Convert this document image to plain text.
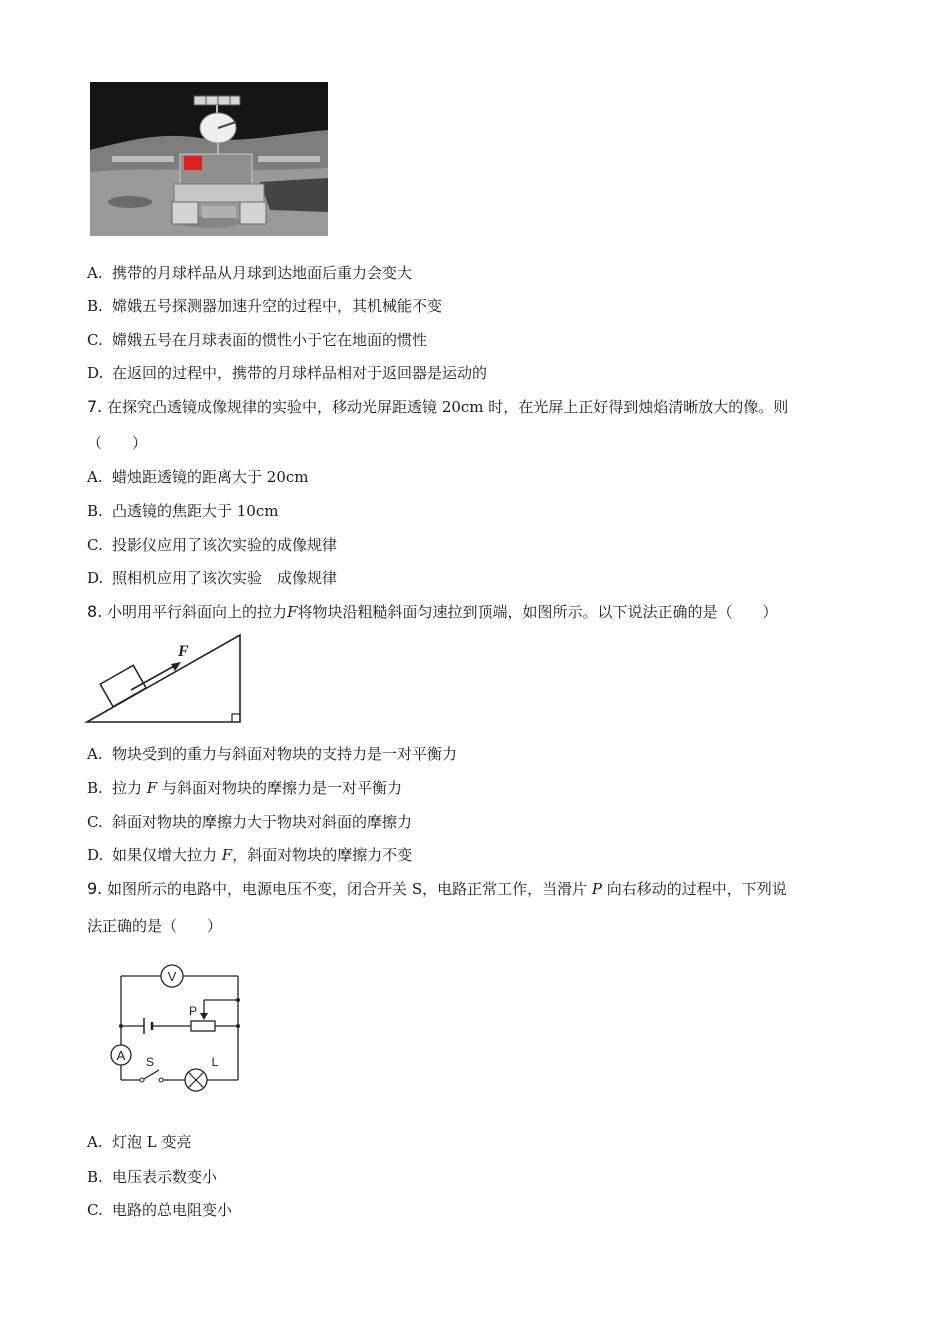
A. 携带的月球样品从月球到达地面后重力会变大
B. 嫦娥五号探测器加速升空的过程中，其机械能不变
C. 嫦娥五号在月球表面的惯性小于它在地面的惯性
D. 在返回的过程中，携带的月球样品相对于返回器是运动的
7. 在探究凸透镜成像规律的实验中，移动光屏距透镜 20cm 时，在光屏上正好得到烛焰清晰放大的像。则
（　　）
A. 蜡烛距透镜的距离大于 20cm
B. 凸透镜的焦距大于 10cm
C. 投影仪应用了该次实验的成像规律
D. 照相机应用了该次实验　成像规律
8. 小明用平行斜面向上的拉力F将物块沿粗糙斜面匀速拉到顶端，如图所示。以下说法正确的是（　　）
F
A. 物块受到的重力与斜面对物块的支持力是一对平衡力
B. 拉力 F 与斜面对物块的摩擦力是一对平衡力
C. 斜面对物块的摩擦力大于物块对斜面的摩擦力
D. 如果仅增大拉力 F，斜面对物块的摩擦力不变
9. 如图所示的电路中，电源电压不变，闭合开关 S，电路正常工作，当滑片 P 向右移动的过程中，下列说
法正确的是（　　）
V
A
P
S	L
A. 灯泡 L 变亮
B. 电压表示数变小
C. 电路的总电阻变小
